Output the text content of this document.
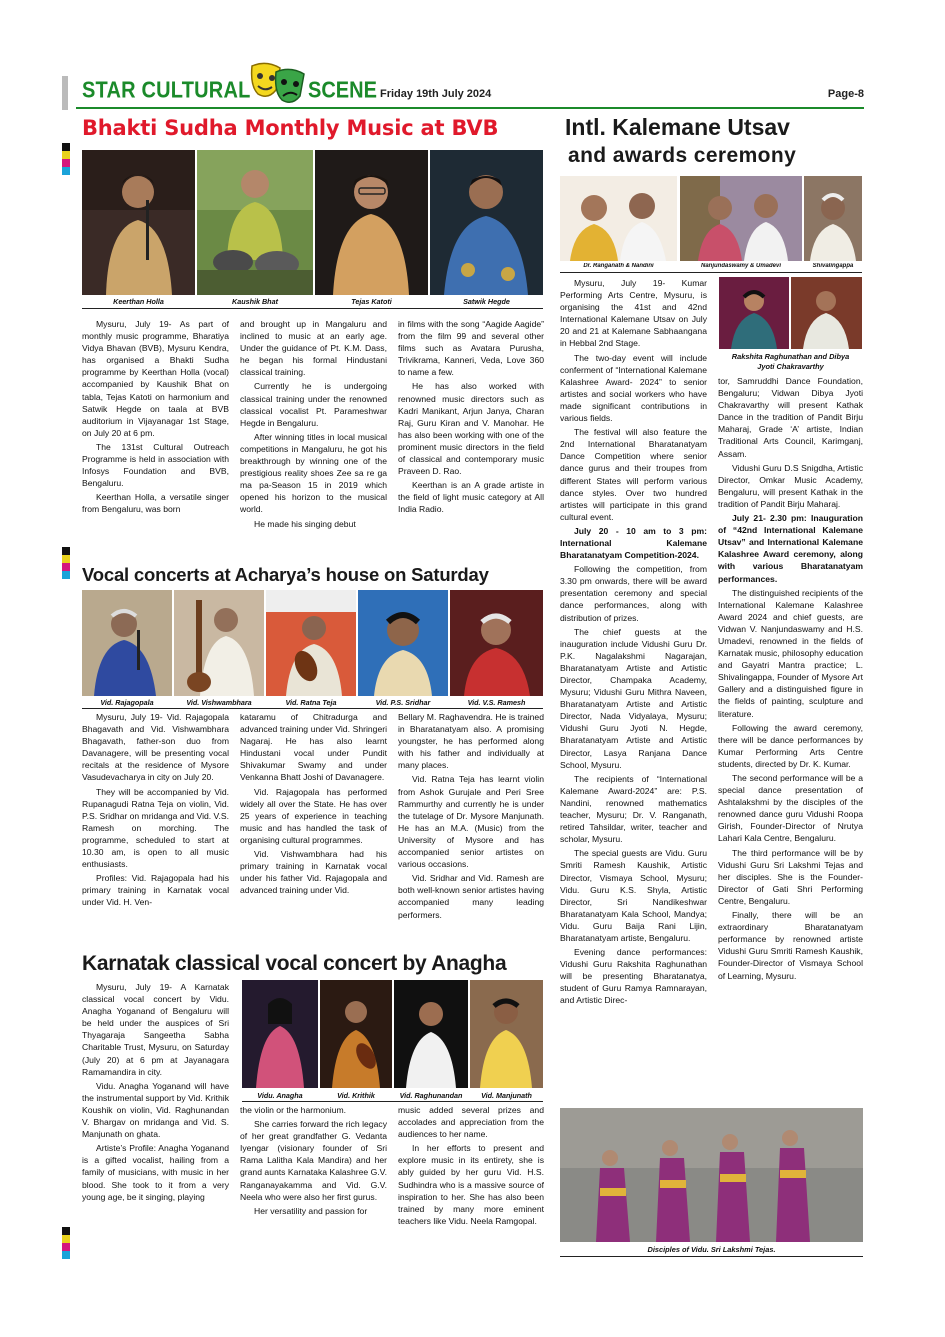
STAR CULTURAL	SCENE Friday 19th July 2024	Page-8
Bhakti Sudha Monthly Music at BVB
Keerthan Holla	Kaushik Bhat	Tejas Katoti	Satwik Hegde

Mysuru, July 19- As part of monthly music programme, Bharatiya Vidya Bhavan (BVB), Mysuru Kendra, has organised a Bhakti Sudha programme by Keerthan Holla (vocal) accompanied by Kaushik Bhat on tabla, Tejas Katoti on harmonium and Satwik Hegde on taala at BVB auditorium in Vijayanagar 1st Stage, on July 20 at 6 pm.

The 131st Cultural Outreach Programme is held in association with Infosys Foundation and BVB, Bengaluru.

Keerthan Holla, a versatile singer from Bengaluru, was born

and brought up in Mangaluru and inclined to music at an early age. Under the guidance of Pt. K.M. Dass, he began his formal Hindustani classical training.

Currently he is undergoing classical training under the renowned classical vocalist Pt. Parameshwar Hegde in Bengaluru.

After winning titles in local musical competitions in Mangaluru, he got his breakthrough by winning one of the prestigious reality shoes Zee sa re ga ma pa-Season 15 in 2019 which opened his horizon to the musical world.

He made his singing debut

in films with the song “Aagide Aagide” from the film 99 and several other films such as Avatara Purusha, Trivikrama, Kanneri, Veda, Love 360 to name a few.

He has also worked with renowned music directors such as Kadri Manikant, Arjun Janya, Charan Raj, Guru Kiran and V. Manohar. He has also been working with one of the prominent music directors in the field of classical and contemporary music Praveen D. Rao.

Keerthan is an A grade artiste in the field of light music category at All India Radio.

Vocal concerts at Acharya’s house on Saturday
Vid. Rajagopala	Vid. Vishwambhara	Vid. Ratna Teja	Vid. P.S. Sridhar	Vid. V.S. Ramesh

Mysuru, July 19- Vid. Rajagopala Bhagavath and Vid. Vishwambhara Bhagavath, father-son duo from Davanagere, will be presenting vocal recitals at the residence of Mysore Vasudevacharya in city on July 20.

They will be accompanied by Vid. Rupanagudi Ratna Teja on violin, Vid. P.S. Sridhar on mridanga and Vid. V.S. Ramesh on morching. The programme, scheduled to start at 10.30 am, is open to all music enthusiasts.

Profiles: Vid. Rajagopala had his primary training in Karnatak vocal under Vid. H. Ven-

kataramu of Chitradurga and advanced training under Vid. Shringeri Nagaraj. He has also learnt Hindustani vocal under Pundit Shivakumar Swamy and under Venkanna Bhatt Joshi of Davanagere.

Vid. Rajagopala has performed widely all over the State. He has over 25 years of experience in teaching music and has handled the task of organising cultural programmes.

Vid. Vishwambhara had his primary training in Karnatak vocal under his father Vid. Rajagopala and advanced training under Vid.

Bellary M. Raghavendra. He is trained in Bharatanatyam also. A promising youngster, he has performed along with his father and individually at many places.

Vid. Ratna Teja has learnt violin from Ashok Gurujale and Peri Sree Rammurthy and currently he is under the tutelage of Dr. Mysore Manjunath. He has an M.A. (Music) from the University of Mysore and has accompanied senior artistes on various occasions.

Vid. Sridhar and Vid. Ramesh are both well-known senior artistes having accompanied many leading performers.

Karnatak classical vocal concert by Anagha
Vidu. Anagha	Vid. Krithik	Vid. Raghunandan	Vid. Manjunath

Mysuru, July 19- A Karnatak classical vocal concert by Vidu. Anagha Yoganand of Bengaluru will be held under the auspices of Sri Thyagaraja Sangeetha Sabha Charitable Trust, Mysuru, on Saturday (July 20) at 6 pm at Jayanagara Ramamandira in city.

Vidu. Anagha Yoganand will have the instrumental support by Vid. Krithik Koushik on violin, Vid. Raghunandan V. Bhargav on mridanga and Vid. S. Manjunath on ghata.

Artiste’s Profile: Anagha Yoganand is a gifted vocalist, hailing from a family of musicians, with music in her blood. She took to it from a very young age, be it singing, playing

the violin or the harmonium.

She carries forward the rich legacy of her great grandfather G. Vedanta Iyengar (visionary founder of Sri Rama Lalitha Kala Mandira) and her grand aunts Karnataka Kalashree G.V. Ranganayakamma and Vid. G.V. Neela who were also her first gurus.

Her versatility and passion for

music added several prizes and accolades and appreciation from the audiences to her name.

In her efforts to present and explore music in its entirety, she is ably guided by her guru Vid. H.S. Sudhindra who is a massive source of inspiration to her. She has also been trained by many more eminent teachers like Vidu. Neela Ramgopal.

Intl. Kalemane Utsav
and awards ceremony
Dr. Ranganath & Nandini	Nanjundaswamy & Umadevi	Shivalingappa
Rakshita Raghunathan and Dibya
Jyoti Chakravarthy

Mysuru, July 19- Kumar Performing Arts Centre, Mysuru, is organising the 41st and 42nd International Kalemane Utsav on July 20 and 21 at Kalemane Sabhaangana in Hebbal 2nd Stage.

The two-day event will include conferment of “International Kalemane Kalashree Award- 2024” to senior artistes and social workers who have made significant contributions in various fields.

The festival will also feature the 2nd International Bharatanatyam Dance Competition where senior dance gurus and their troupes from different States will perform various dance styles. Over two hundred artistes will participate in this grand cultural event.

July 20 - 10 am to 3 pm: International Kalemane Bharatanatyam Competition-2024.

Following the competition, from 3.30 pm onwards, there will be award presentation ceremony and special dance performances, along with distribution of prizes.

The chief guests at the inauguration include Vidushi Guru Dr. P.K. Nagalakshmi Nagarajan, Bharatanatyam Artiste and Artistic Director, Champaka Academy, Mysuru; Vidushi Guru Mithra Naveen, Bharatanatyam Artiste and Artistic Director, Nada Vidyalaya, Mysuru; Vidushi Guru Jyoti N. Hegde, Bharatanatyam Artiste and Artistic Director, Lasya Ranjana Dance School, Mysuru.

The recipients of “International Kalemane Award-2024” are: P.S. Nandini, renowned mathematics teacher, Mysuru; Dr. V. Ranganath, retired Tahsildar, writer, teacher and scholar, Mysuru.

The special guests are Vidu. Guru Smriti Ramesh Kaushik, Artistic Director, Vismaya School, Mysuru; Vidu. Guru K.S. Shyla, Artistic Director, Sri Nandikeshwar Bharatanatyam Kala School, Mandya; Vidu. Guru Baija Rani Lijin, Bharatanatyam artiste, Bengaluru.

Evening dance performances: Vidushi Guru Rakshita Raghunathan will be presenting Bharatanatya, student of Guru Ramya Ramnarayan, and Artistic Direc-

tor, Samruddhi Dance Foundation, Bengaluru; Vidwan Dibya Jyoti Chakravarthy will present Kathak Dance in the tradition of Pandit Birju Maharaj, Grade ‘A’ artiste, Indian Traditional Arts Council, Karimganj, Assam.

Vidushi Guru D.S Snigdha, Artistic Director, Omkar Music Academy, Bengaluru, will present Kathak in the tradition of Pandit Birju Maharaj.

July 21- 2.30 pm: Inauguration of “42nd International Kalemane Utsav” and International Kalemane Kalashree Award ceremony, along with various Bharatanatyam performances.

The distinguished recipients of the International Kalemane Kalashree Award 2024 and chief guests, are Vidwan V. Nanjundaswamy and H.S. Umadevi, renowned in the fields of Karnatak music, philosophy education and Gayatri Mantra practice; L. Shivalingappa, Founder of Mysore Art Gallery and a distinguished figure in the fields of painting, sculpture and literature.

Following the award ceremony, there will be dance performances by Kumar Performing Arts Centre students, directed by Dr. K. Kumar.

The second performance will be a special dance presentation of Ashtalakshmi by the disciples of the renowned dance guru Vidushi Roopa Girish, Founder-Director of Nrutya Lahari Kala Centre, Bengaluru.

The third performance will be by Vidushi Guru Sri Lakshmi Tejas and her disciples. She is the Founder-Director of Gati Shri Performing Centre, Bengaluru.

Finally, there will be an extraordinary Bharatanatyam performance by renowned artiste Vidushi Guru Smriti Ramesh Kaushik, Founder-Director of Vismaya School of Learning, Mysuru.

Disciples of Vidu. Sri Lakshmi Tejas.
